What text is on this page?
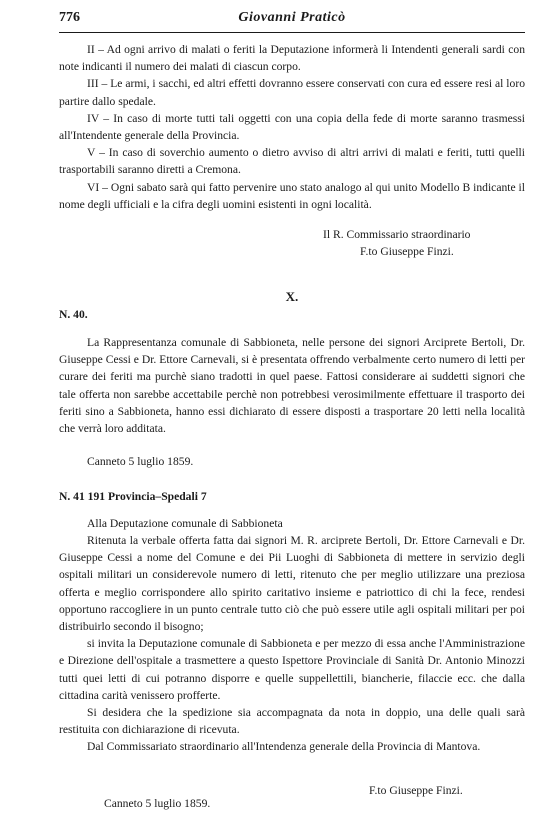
776	Giovanni Praticò

II – Ad ogni arrivo di malati o feriti la Deputazione informerà li Intendenti generali sardi con note indicanti il numero dei malati di ciascun corpo.

III – Le armi, i sacchi, ed altri effetti dovranno essere conservati con cura ed essere resi al loro partire dallo spedale.

IV – In caso di morte tutti tali oggetti con una copia della fede di morte saranno trasmessi all'Intendente generale della Provincia.

V – In caso di soverchio aumento o dietro avviso di altri arrivi di malati e feriti, tutti quelli trasportabili saranno diretti a Cremona.

VI – Ogni sabato sarà qui fatto pervenire uno stato analogo al qui unito Modello B indicante il nome degli ufficiali e la cifra degli uomini esistenti in ogni località.

Il R. Commissario straordinario
F.to Giuseppe Finzi.
X.
N. 40.

La Rappresentanza comunale di Sabbioneta, nelle persone dei signori Arciprete Bertoli, Dr. Giuseppe Cessi e Dr. Ettore Carnevali, si è presentata offrendo verbalmente certo numero di letti per curare dei feriti ma purchè siano tradotti in quel paese. Fattosi considerare ai suddetti signori che tale offerta non sarebbe accettabile perchè non potrebbesi verosimilmente effettuare il trasporto dei feriti sino a Sabbioneta, hanno essi dichiarato di essere disposti a trasportare 20 letti nella località che verrà loro additata.

Canneto 5 luglio 1859.
N. 41 191 Provincia–Spedali 7
Alla Deputazione comunale di Sabbioneta

Ritenuta la verbale offerta fatta dai signori M. R. arciprete Bertoli, Dr. Ettore Carnevali e Dr. Giuseppe Cessi a nome del Comune e dei Pii Luoghi di Sabbioneta di mettere in servizio degli ospitali militari un considerevole numero di letti, ritenuto che per meglio utilizzare una preziosa offerta e meglio corrispondere allo spirito caritativo insieme e patriottico di chi la fece, rendesi opportuno raccogliere in un punto centrale tutto ciò che può essere utile agli ospitali militari per poi distribuirlo secondo il bisogno;

si invita la Deputazione comunale di Sabbioneta e per mezzo di essa anche l'Amministrazione e Direzione dell'ospitale a trasmettere a questo Ispettore Provinciale di Sanità Dr. Antonio Minozzi tutti quei letti di cui potranno disporre e quelle suppellettili, biancherie, filaccie ecc. che dalla cittadina carità venissero profferte.

Si desidera che la spedizione sia accompagnata da nota in doppio, una delle quali sarà restituita con dichiarazione di ricevuta.

Dal Commissariato straordinario all'Intendenza generale della Provincia di Mantova.

F.to Giuseppe Finzi.
Canneto 5 luglio 1859.
